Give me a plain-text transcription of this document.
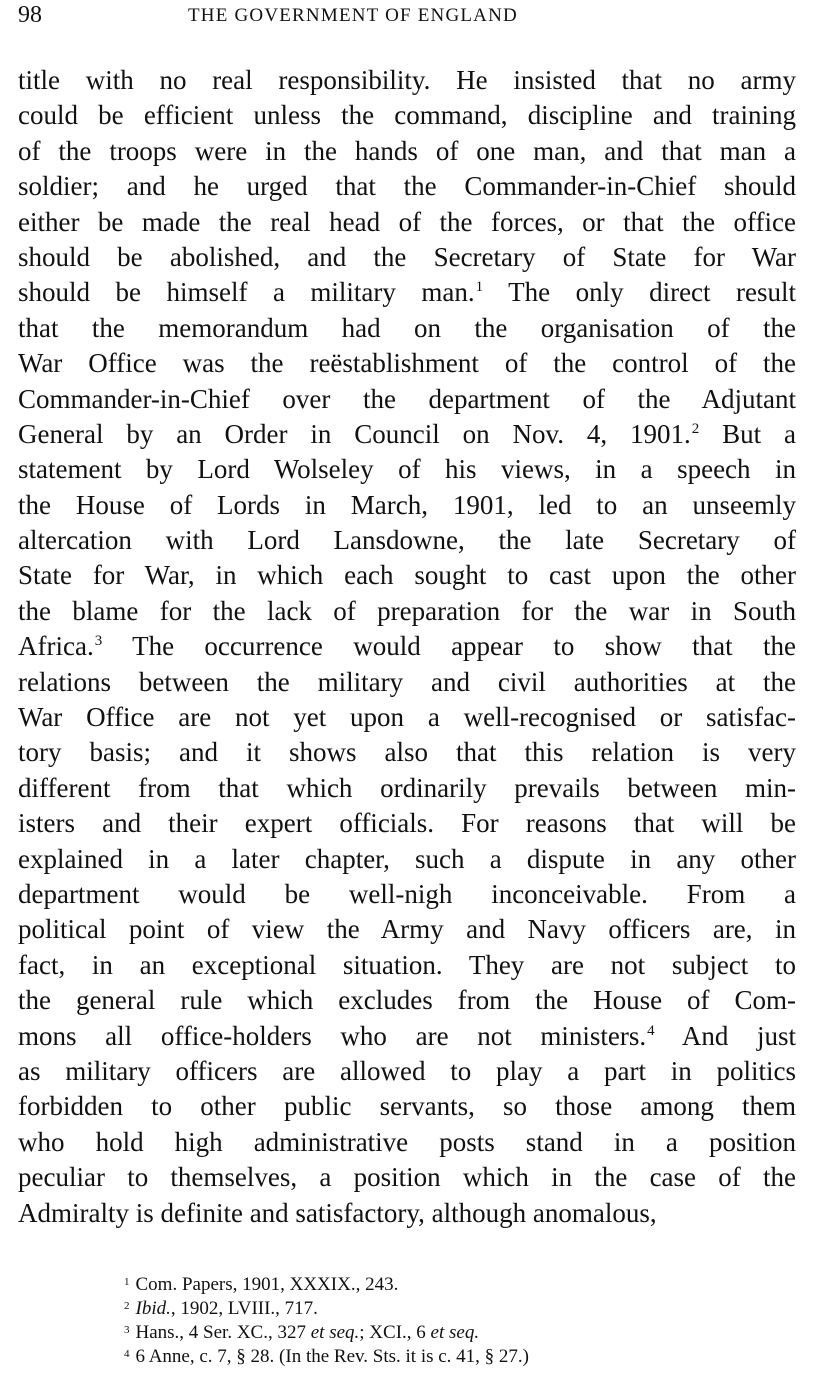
98	THE GOVERNMENT OF ENGLAND
title with no real responsibility. He insisted that no army
could be efficient unless the command, discipline and training
of the troops were in the hands of one man, and that man a
soldier; and he urged that the Commander-in-Chief should
either be made the real head of the forces, or that the office
should be abolished, and the Secretary of State for War
should be himself a military man.$^1$ The only direct result
that the memorandum had on the organisation of the
War Office was the reëstablishment of the control of the
Commander-in-Chief over the department of the Adjutant
General by an Order in Council on Nov. 4, 1901.$^2$ But a
statement by Lord Wolseley of his views, in a speech in
the House of Lords in March, 1901, led to an unseemly
altercation with Lord Lansdowne, the late Secretary of
State for War, in which each sought to cast upon the other
the blame for the lack of preparation for the war in South
Africa.$^3$ The occurrence would appear to show that the
relations between the military and civil authorities at the
War Office are not yet upon a well-recognised or satisfac-
tory basis; and it shows also that this relation is very
different from that which ordinarily prevails between min-
isters and their expert officials. For reasons that will be
explained in a later chapter, such a dispute in any other
department would be well-nigh inconceivable. From a
political point of view the Army and Navy officers are, in
fact, in an exceptional situation. They are not subject to
the general rule which excludes from the House of Com-
mons all office-holders who are not ministers.$^4$ And just
as military officers are allowed to play a part in politics
forbidden to other public servants, so those among them
who hold high administrative posts stand in a position
peculiar to themselves, a position which in the case of the
Admiralty is definite and satisfactory, although anomalous,
$^1$ Com. Papers, 1901, XXXIX., 243.
$^2$ Ibid., 1902, LVIII., 717.
$^3$ Hans., 4 Ser. XC., 327 et seq.; XCI., 6 et seq.
$^4$ 6 Anne, c. 7, § 28. (In the Rev. Sts. it is c. 41, § 27.)
